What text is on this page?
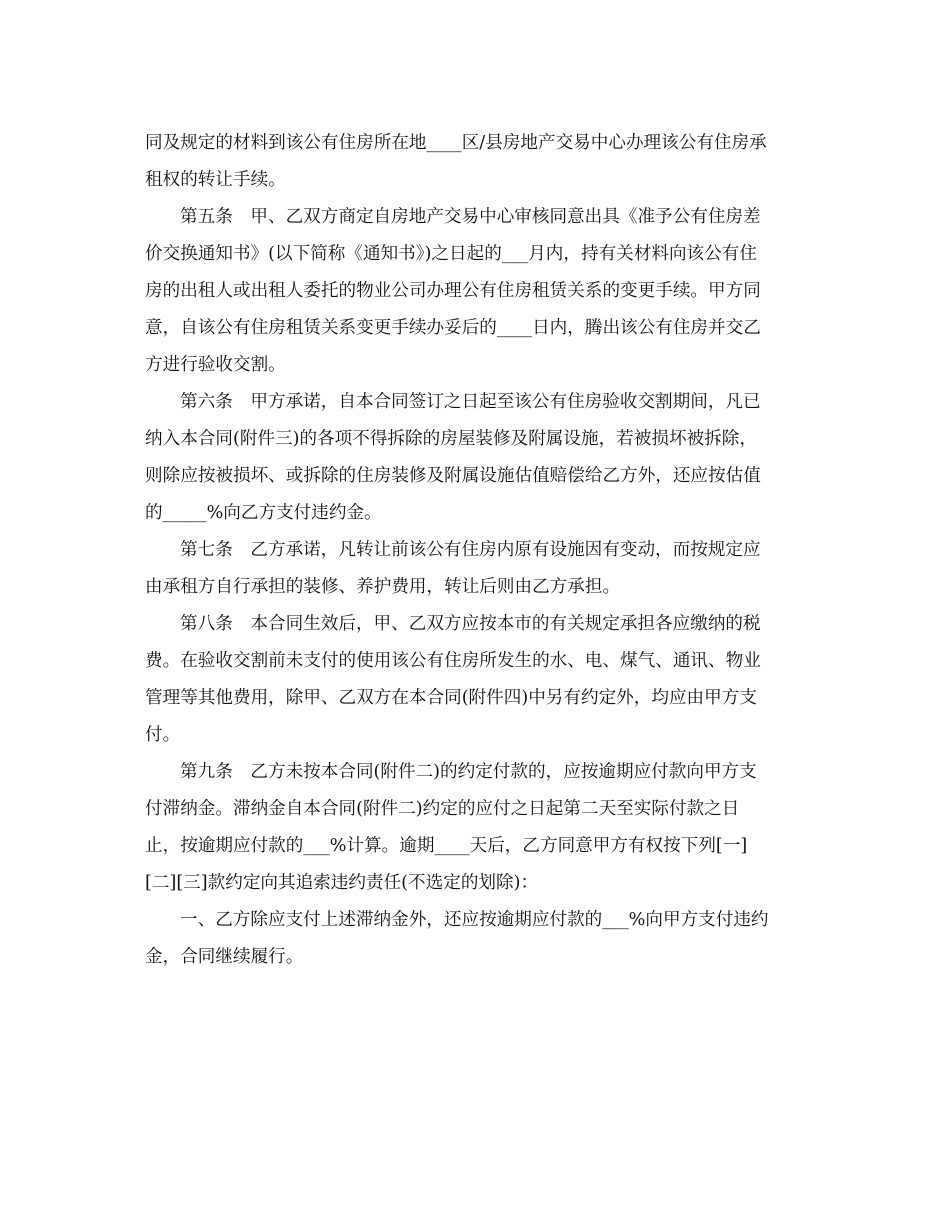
同及规定的材料到该公有住房所在地____区/县房地产交易中心办理该公有住房承
租权的转让手续。
第五条　甲、乙双方商定自房地产交易中心审核同意出具《准予公有住房差
价交换通知书》(以下简称《通知书》)之日起的___月内，持有关材料向该公有住
房的出租人或出租人委托的物业公司办理公有住房租赁关系的变更手续。甲方同
意，自该公有住房租赁关系变更手续办妥后的____日内，腾出该公有住房并交乙
方进行验收交割。
第六条　甲方承诺，自本合同签订之日起至该公有住房验收交割期间，凡已
纳入本合同(附件三)的各项不得拆除的房屋装修及附属设施，若被损坏被拆除，
则除应按被损坏、或拆除的住房装修及附属设施估值赔偿给乙方外，还应按估值
的_____%向乙方支付违约金。
第七条　乙方承诺，凡转让前该公有住房内原有设施因有变动，而按规定应
由承租方自行承担的装修、养护费用，转让后则由乙方承担。
第八条　本合同生效后，甲、乙双方应按本市的有关规定承担各应缴纳的税
费。在验收交割前未支付的使用该公有住房所发生的水、电、煤气、通讯、物业
管理等其他费用，除甲、乙双方在本合同(附件四)中另有约定外，均应由甲方支
付。
第九条　乙方未按本合同(附件二)的约定付款的，应按逾期应付款向甲方支
付滞纳金。滞纳金自本合同(附件二)约定的应付之日起第二天至实际付款之日
止，按逾期应付款的___%计算。逾期____天后，乙方同意甲方有权按下列[一]
[二][三]款约定向其追索违约责任(不选定的划除)：
一、乙方除应支付上述滞纳金外，还应按逾期应付款的___%向甲方支付违约
金，合同继续履行。
